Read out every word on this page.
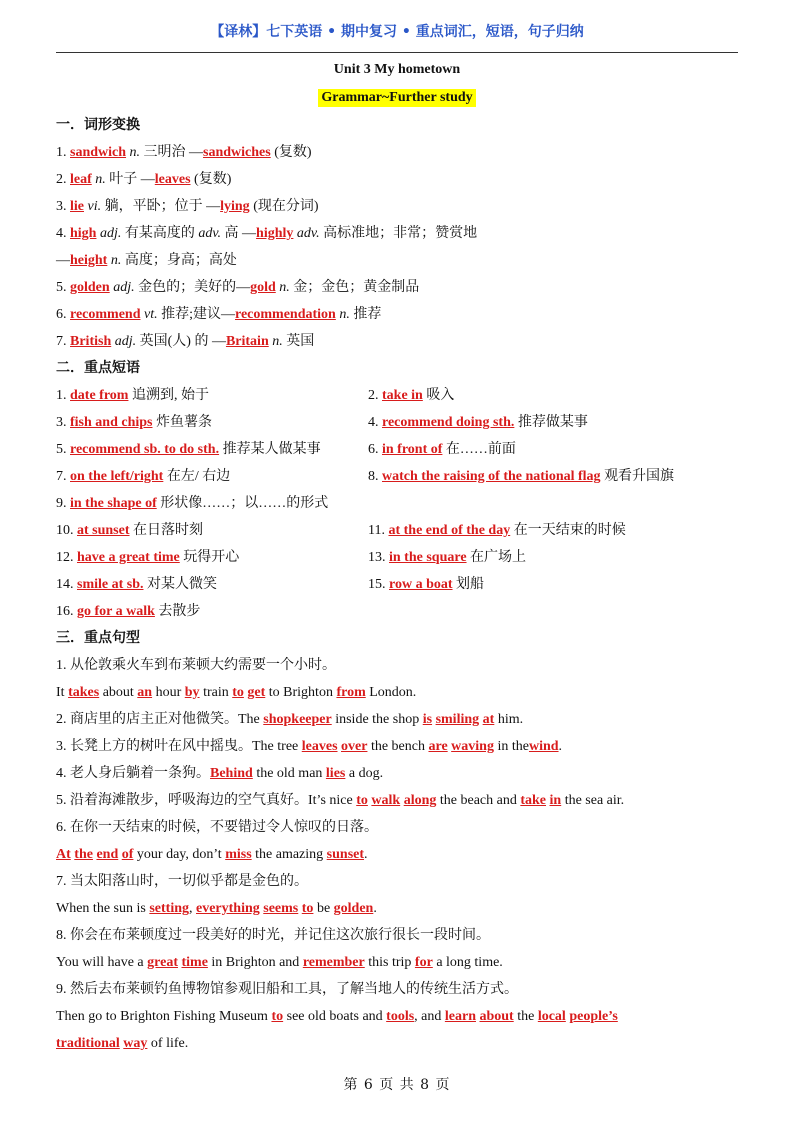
【译林】七下英语 • 期中复习 • 重点词汇，短语，句子归纳
Unit 3 My hometown
Grammar~Further study
一．词形变换
1. sandwich n. 三明治 —sandwiches (复数)
2. leaf n. 叶子 —leaves (复数)
3. lie vi. 躺，平卧；位于 —lying (现在分词)
4. high adj. 有某高度的 adv. 高 —highly adv. 高标准地；非常；赞赏地
—height n. 高度；身高；高处
5. golden adj. 金色的；美好的—gold n. 金；金色；黄金制品
6. recommend vt. 推荐;建议—recommendation n. 推荐
7. British adj. 英国(人) 的 —Britain n. 英国
二．重点短语
1. date from 追溯到, 始于	2. take in 吸入
3. fish and chips 炸鱼薯条	4. recommend doing sth. 推荐做某事
5. recommend sb. to do sth. 推荐某人做某事	6. in front of 在……前面
7. on the left/right 在左/ 右边	8. watch the raising of the national flag 观看升国旗
9. in the shape of 形状像……；以……的形式
10. at sunset 在日落时刻	11. at the end of the day 在一天结束的时候
12. have a great time 玩得开心	13. in the square 在广场上
14. smile at sb. 对某人微笑	15. row a boat 划船
16. go for a walk 去散步
三．重点句型
1. 从伦敦乘火车到布莱顿大约需要一个小时。
It takes about an hour by train to get to Brighton from London.
2. 商店里的店主正对他微笑。The shopkeeper inside the shop is smiling at him.
3. 长凳上方的树叶在风中摇曳。The tree leaves over the bench are waving in thewind.
4. 老人身后躺着一条狗。Behind the old man lies a dog.
5. 沿着海滩散步，呼吸海边的空气真好。It’s nice to walk along the beach and take in the sea air.
6. 在你一天结束的时候，不要错过令人惊叹的日落。
At the end of your day, don’t miss the amazing sunset.
7. 当太阳落山时，一切似乎都是金色的。
When the sun is setting, everything seems to be golden.
8. 你会在布莱顿度过一段美好的时光，并记住这次旅行很长一段时间。
You will have a great time in Brighton and remember this trip for a long time.
9. 然后去布莱顿钓鱼博物馆参观旧船和工具，了解当地人的传统生活方式。
Then go to Brighton Fishing Museum to see old boats and tools, and learn about the local people’s
traditional way of life.
第 6 页 共 8 页
